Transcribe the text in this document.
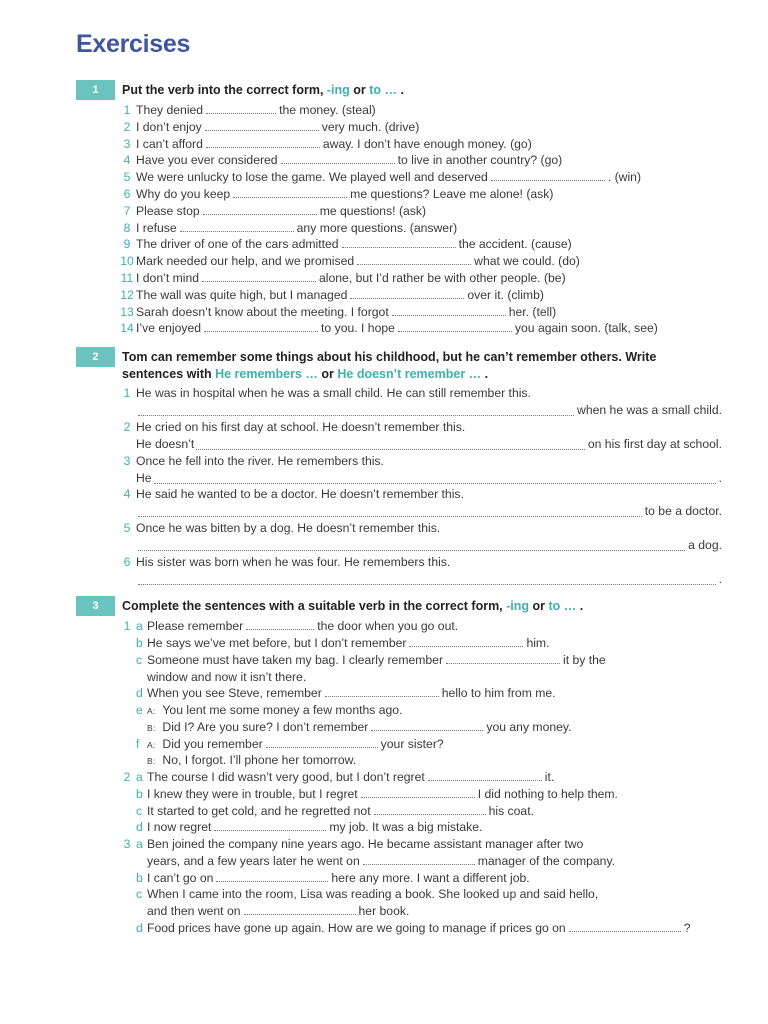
Exercises
1	Put the verb into the correct form, -ing or to … .
1 They denied	the money. (steal)
2 I don’t enjoy	very much. (drive)
3 I can’t afford	away. I don’t have enough money. (go)
4 Have you ever considered	to live in another country? (go)
5 We were unlucky to lose the game. We played well and deserved	. (win)
6 Why do you keep	me questions? Leave me alone! (ask)
7 Please stop	me questions! (ask)
8 I refuse	any more questions. (answer)
9 The driver of one of the cars admitted	the accident. (cause)
10 Mark needed our help, and we promised	what we could. (do)
11 I don’t mind	alone, but I’d rather be with other people. (be)
12 The wall was quite high, but I managed	over it. (climb)
13 Sarah doesn’t know about the meeting. I forgot	her. (tell)
14 I’ve enjoyed	to you. I hope	you again soon. (talk, see)
2	Tom can remember some things about his childhood, but he can’t remember others. Write
sentences with He remembers … or He doesn’t remember … .
1 He was in hospital when he was a small child. He can still remember this.
when he was a small child.
2 He cried on his first day at school. He doesn’t remember this.
He doesn’t	on his first day at school.
3 Once he fell into the river. He remembers this.
He	.
4 He said he wanted to be a doctor. He doesn’t remember this.
to be a doctor.
5 Once he was bitten by a dog. He doesn’t remember this.
a dog.
6 His sister was born when he was four. He remembers this.
.
3	Complete the sentences with a suitable verb in the correct form, -ing or to … .
1 a Please remember	the door when you go out.
b He says we’ve met before, but I don’t remember	him.
c Someone must have taken my bag. I clearly remember	it by the
window and now it isn’t there.
d When you see Steve, remember	hello to him from me.
e A: You lent me some money a few months ago.
B: Did I? Are you sure? I don’t remember	you any money.
f A: Did you remember	your sister?
B: No, I forgot. I’ll phone her tomorrow.
2 a The course I did wasn’t very good, but I don’t regret	it.
b I knew they were in trouble, but I regret	I did nothing to help them.
c It started to get cold, and he regretted not	his coat.
d I now regret	my job. It was a big mistake.
3 a Ben joined the company nine years ago. He became assistant manager after two
years, and a few years later he went on	manager of the company.
b I can’t go on	here any more. I want a different job.
c When I came into the room, Lisa was reading a book. She looked up and said hello,
and then went on	her book.
d Food prices have gone up again. How are we going to manage if prices go on	?
